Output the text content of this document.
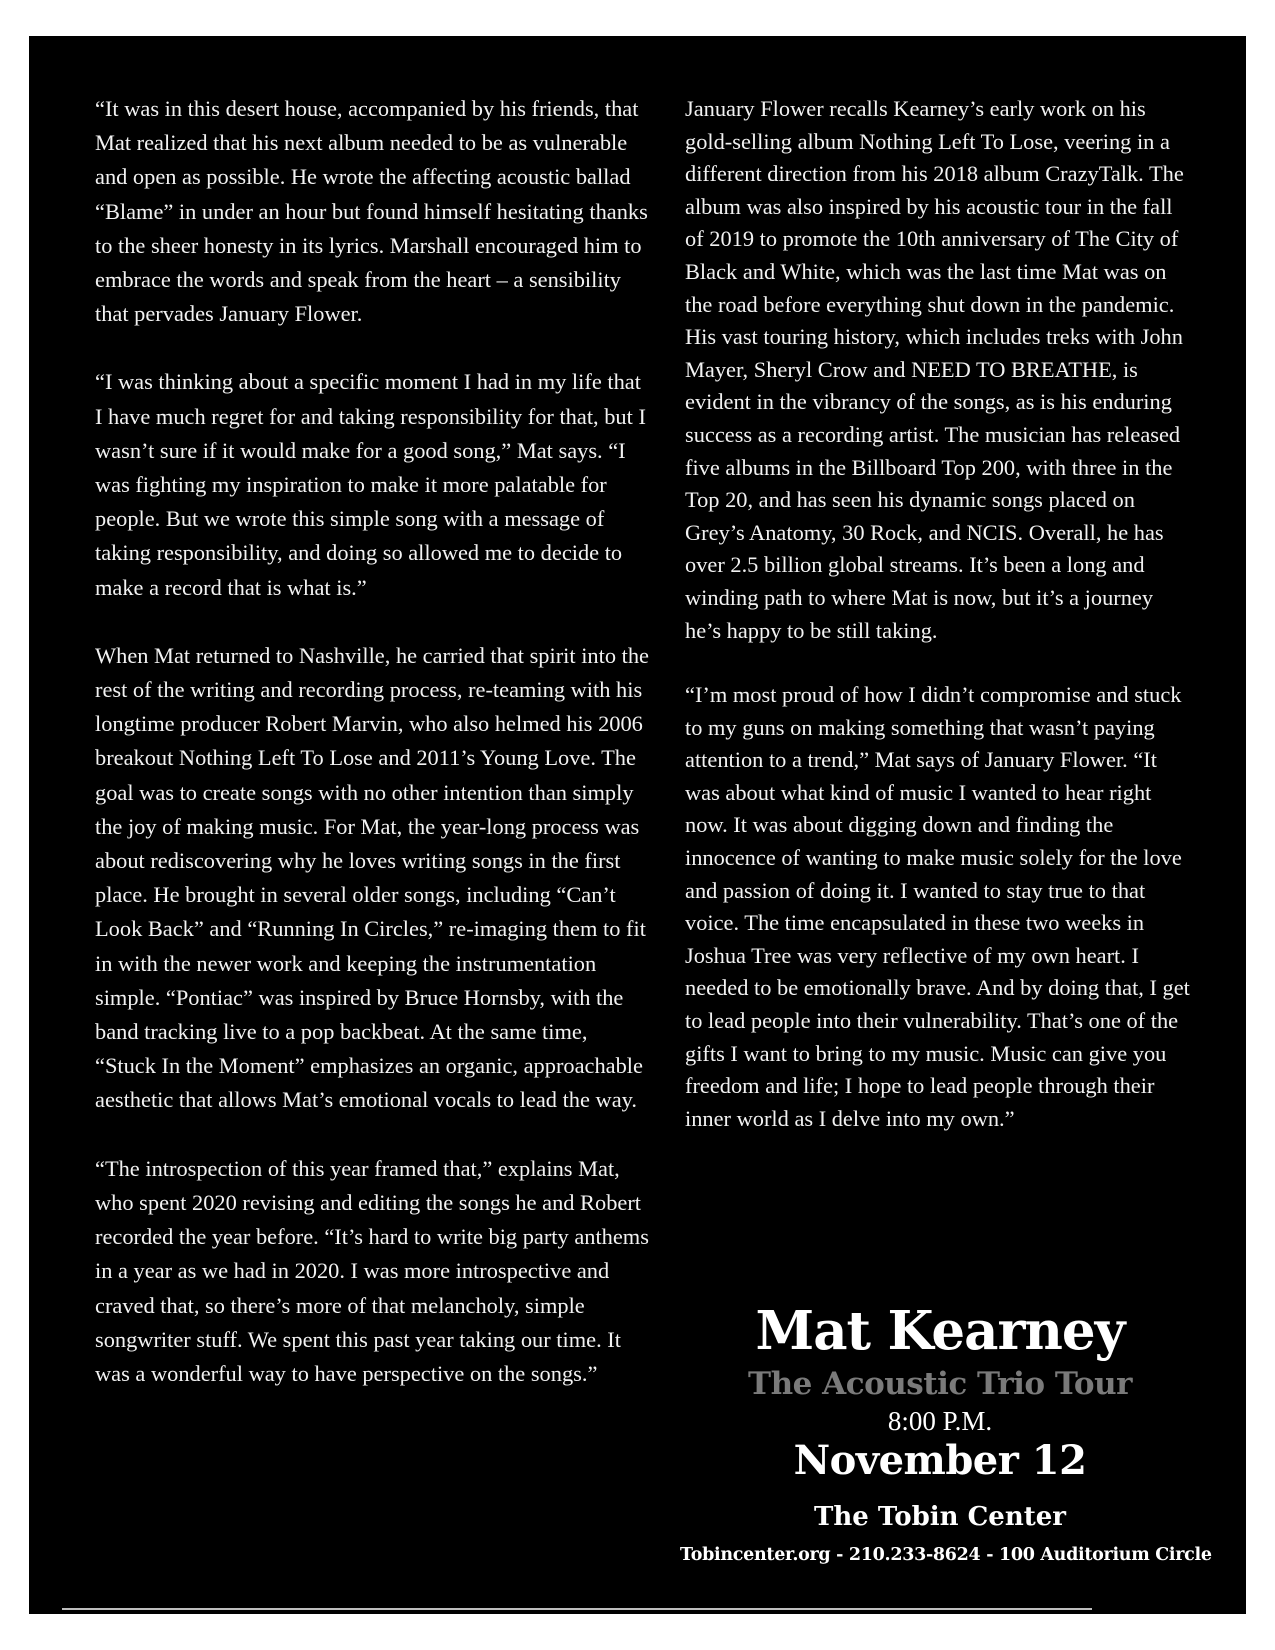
“It was in this desert house, accompanied by his friends, that Mat realized that his next album needed to be as vulnerable and open as possible. He wrote the affecting acoustic ballad “Blame” in under an hour but found himself hesitating thanks to the sheer honesty in its lyrics. Marshall encouraged him to embrace the words and speak from the heart – a sensibility that pervades January Flower.

“I was thinking about a specific moment I had in my life that I have much regret for and taking responsibility for that, but I wasn’t sure if it would make for a good song,” Mat says. “I was fighting my inspiration to make it more palatable for people. But we wrote this simple song with a message of taking responsibility, and doing so allowed me to decide to make a record that is what is.”

When Mat returned to Nashville, he carried that spirit into the rest of the writing and recording process, re-teaming with his longtime producer Robert Marvin, who also helmed his 2006 breakout Nothing Left To Lose and 2011’s Young Love. The goal was to create songs with no other intention than simply the joy of making music. For Mat, the year-long process was about rediscovering why he loves writing songs in the first place. He brought in several older songs, including “Can’t Look Back” and “Running In Circles,” re-imaging them to fit in with the newer work and keeping the instrumentation simple. “Pontiac” was inspired by Bruce Hornsby, with the band tracking live to a pop backbeat. At the same time, “Stuck In the Moment” emphasizes an organic, approachable aesthetic that allows Mat’s emotional vocals to lead the way.

“The introspection of this year framed that,” explains Mat, who spent 2020 revising and editing the songs he and Robert recorded the year before. “It’s hard to write big party anthems in a year as we had in 2020. I was more introspective and craved that, so there’s more of that melancholy, simple songwriter stuff. We spent this past year taking our time. It was a wonderful way to have perspective on the songs.”

January Flower recalls Kearney’s early work on his gold-selling album Nothing Left To Lose, veering in a different direction from his 2018 album CrazyTalk. The album was also inspired by his acoustic tour in the fall of 2019 to promote the 10th anniversary of The City of Black and White, which was the last time Mat was on the road before everything shut down in the pandemic. His vast touring history, which includes treks with John Mayer, Sheryl Crow and NEED TO BREATHE, is evident in the vibrancy of the songs, as is his enduring success as a recording artist. The musician has released five albums in the Billboard Top 200, with three in the Top 20, and has seen his dynamic songs placed on Grey’s Anatomy, 30 Rock, and NCIS. Overall, he has over 2.5 billion global streams. It’s been a long and winding path to where Mat is now, but it’s a journey he’s happy to be still taking.

“I’m most proud of how I didn’t compromise and stuck to my guns on making something that wasn’t paying attention to a trend,” Mat says of January Flower. “It was about what kind of music I wanted to hear right now. It was about digging down and finding the innocence of wanting to make music solely for the love and passion of doing it. I wanted to stay true to that voice. The time encapsulated in these two weeks in Joshua Tree was very reflective of my own heart. I needed to be emotionally brave. And by doing that, I get to lead people into their vulnerability. That’s one of the gifts I want to bring to my music. Music can give you freedom and life; I hope to lead people through their inner world as I delve into my own.”

Mat Kearney
The Acoustic Trio Tour
8:00 P.M.
November 12
The Tobin Center
Tobincenter.org - 210.233-8624 - 100 Auditorium Circle
